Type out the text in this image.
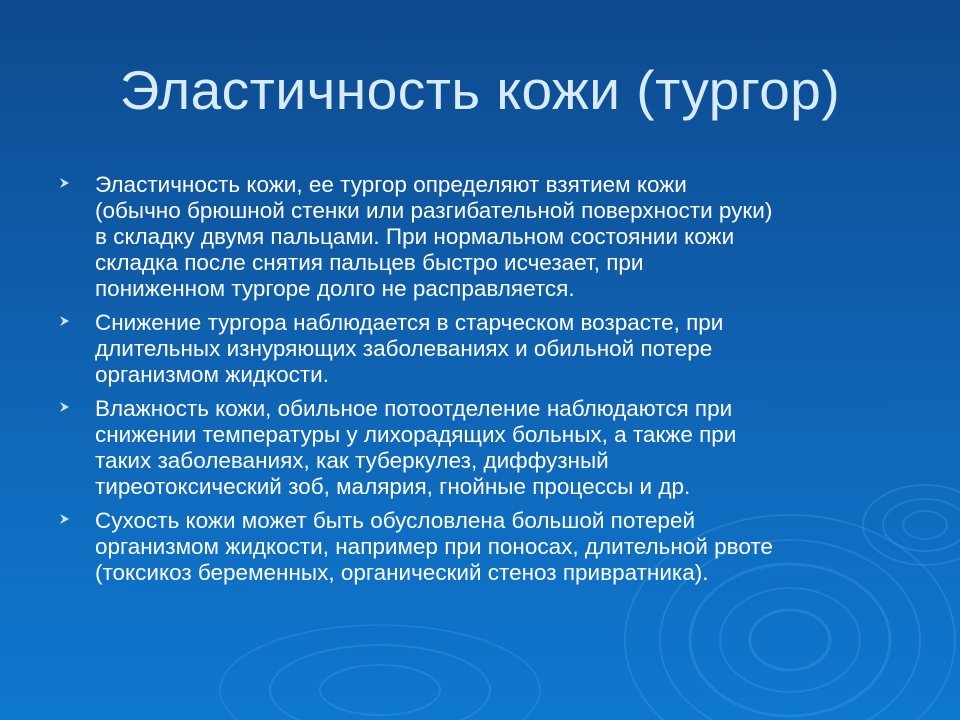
Эластичность кожи (тургор)
Эластичность кожи, ее тургор определяют взятием кожи
(обычно брюшной стенки или разгибательной поверхности руки)
в складку двумя пальцами. При нормальном состоянии кожи
складка после снятия пальцев быстро исчезает, при
пониженном тургоре долго не расправляется.
Снижение тургора наблюдается в старческом возрасте, при
длительных изнуряющих заболеваниях и обильной потере
организмом жидкости.
Влажность кожи, обильное потоотделение наблюдаются при
снижении температуры у лихорадящих больных, а также при
таких заболеваниях, как туберкулез, диффузный
тиреотоксический зоб, малярия, гнойные процессы и др.
Сухость кожи может быть обусловлена большой потерей
организмом жидкости, например при поносах, длительной рвоте
(токсикоз беременных, органический стеноз привратника).
